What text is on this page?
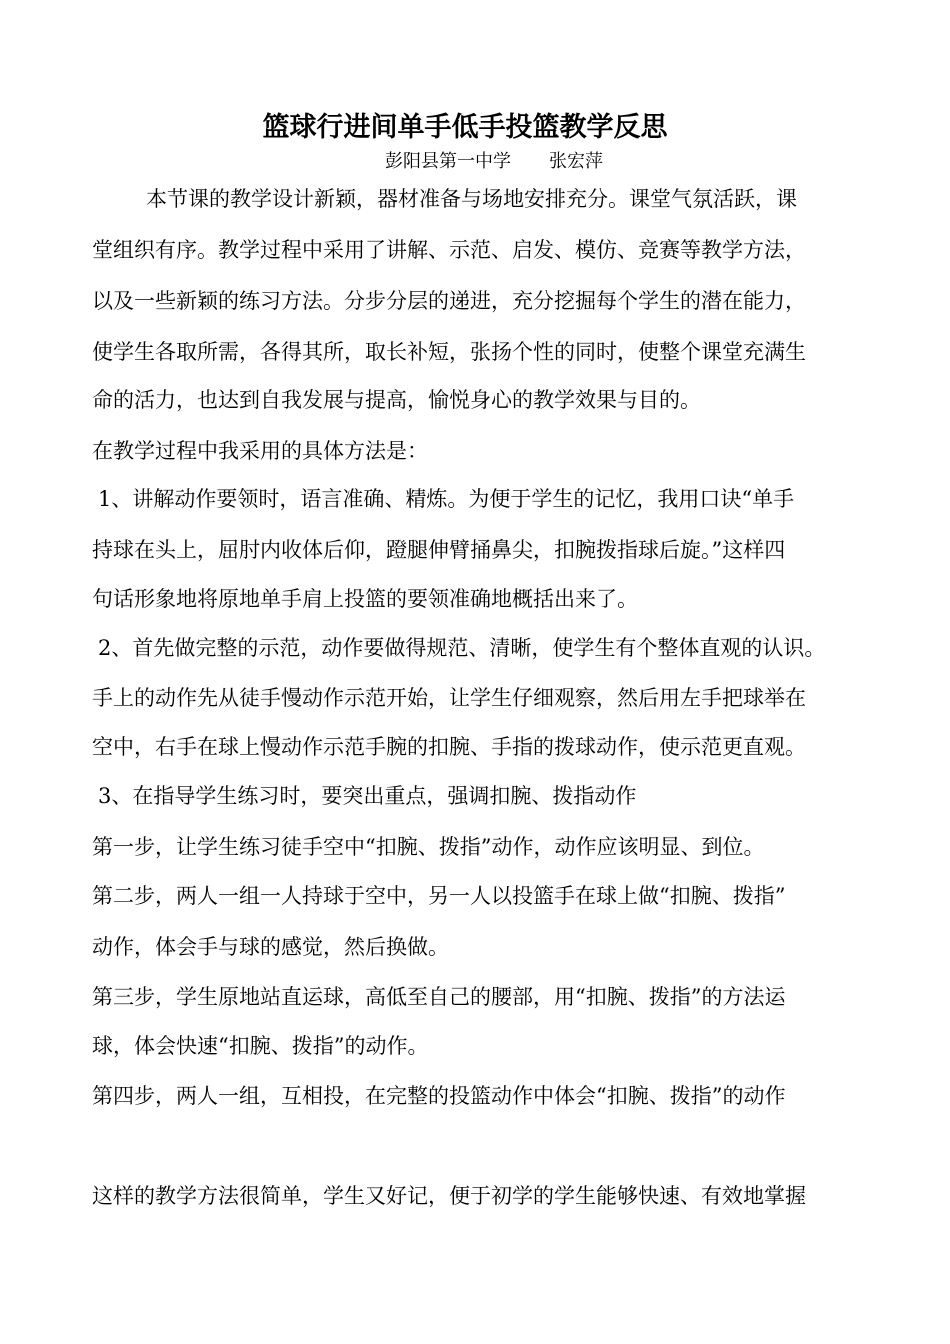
篮球行进间单手低手投篮教学反思
彭阳县第一中学 张宏萍
本节课的教学设计新颖，器材准备与场地安排充分。课堂气氛活跃，课
堂组织有序。教学过程中采用了讲解、示范、启发、模仿、竞赛等教学方法，
以及一些新颖的练习方法。分步分层的递进，充分挖掘每个学生的潜在能力，
使学生各取所需，各得其所，取长补短，张扬个性的同时，使整个课堂充满生
命的活力，也达到自我发展与提高，愉悦身心的教学效果与目的。
在教学过程中我采用的具体方法是：
1、讲解动作要领时，语言准确、精炼。为便于学生的记忆，我用口诀“单手
持球在头上，屈肘内收体后仰，蹬腿伸臂捅鼻尖，扣腕拨指球后旋。”这样四
句话形象地将原地单手肩上投篮的要领准确地概括出来了。
2、首先做完整的示范，动作要做得规范、清晰，使学生有个整体直观的认识。
手上的动作先从徒手慢动作示范开始，让学生仔细观察，然后用左手把球举在
空中，右手在球上慢动作示范手腕的扣腕、手指的拨球动作，使示范更直观。
3、在指导学生练习时，要突出重点，强调扣腕、拨指动作
第一步，让学生练习徒手空中“扣腕、拨指”动作，动作应该明显、到位。
第二步，两人一组一人持球于空中，另一人以投篮手在球上做“扣腕、拨指”
动作，体会手与球的感觉，然后换做。
第三步，学生原地站直运球，高低至自己的腰部，用“扣腕、拨指”的方法运
球，体会快速“扣腕、拨指”的动作。
第四步，两人一组，互相投，在完整的投篮动作中体会“扣腕、拨指”的动作
这样的教学方法很简单，学生又好记，便于初学的学生能够快速、有效地掌握
